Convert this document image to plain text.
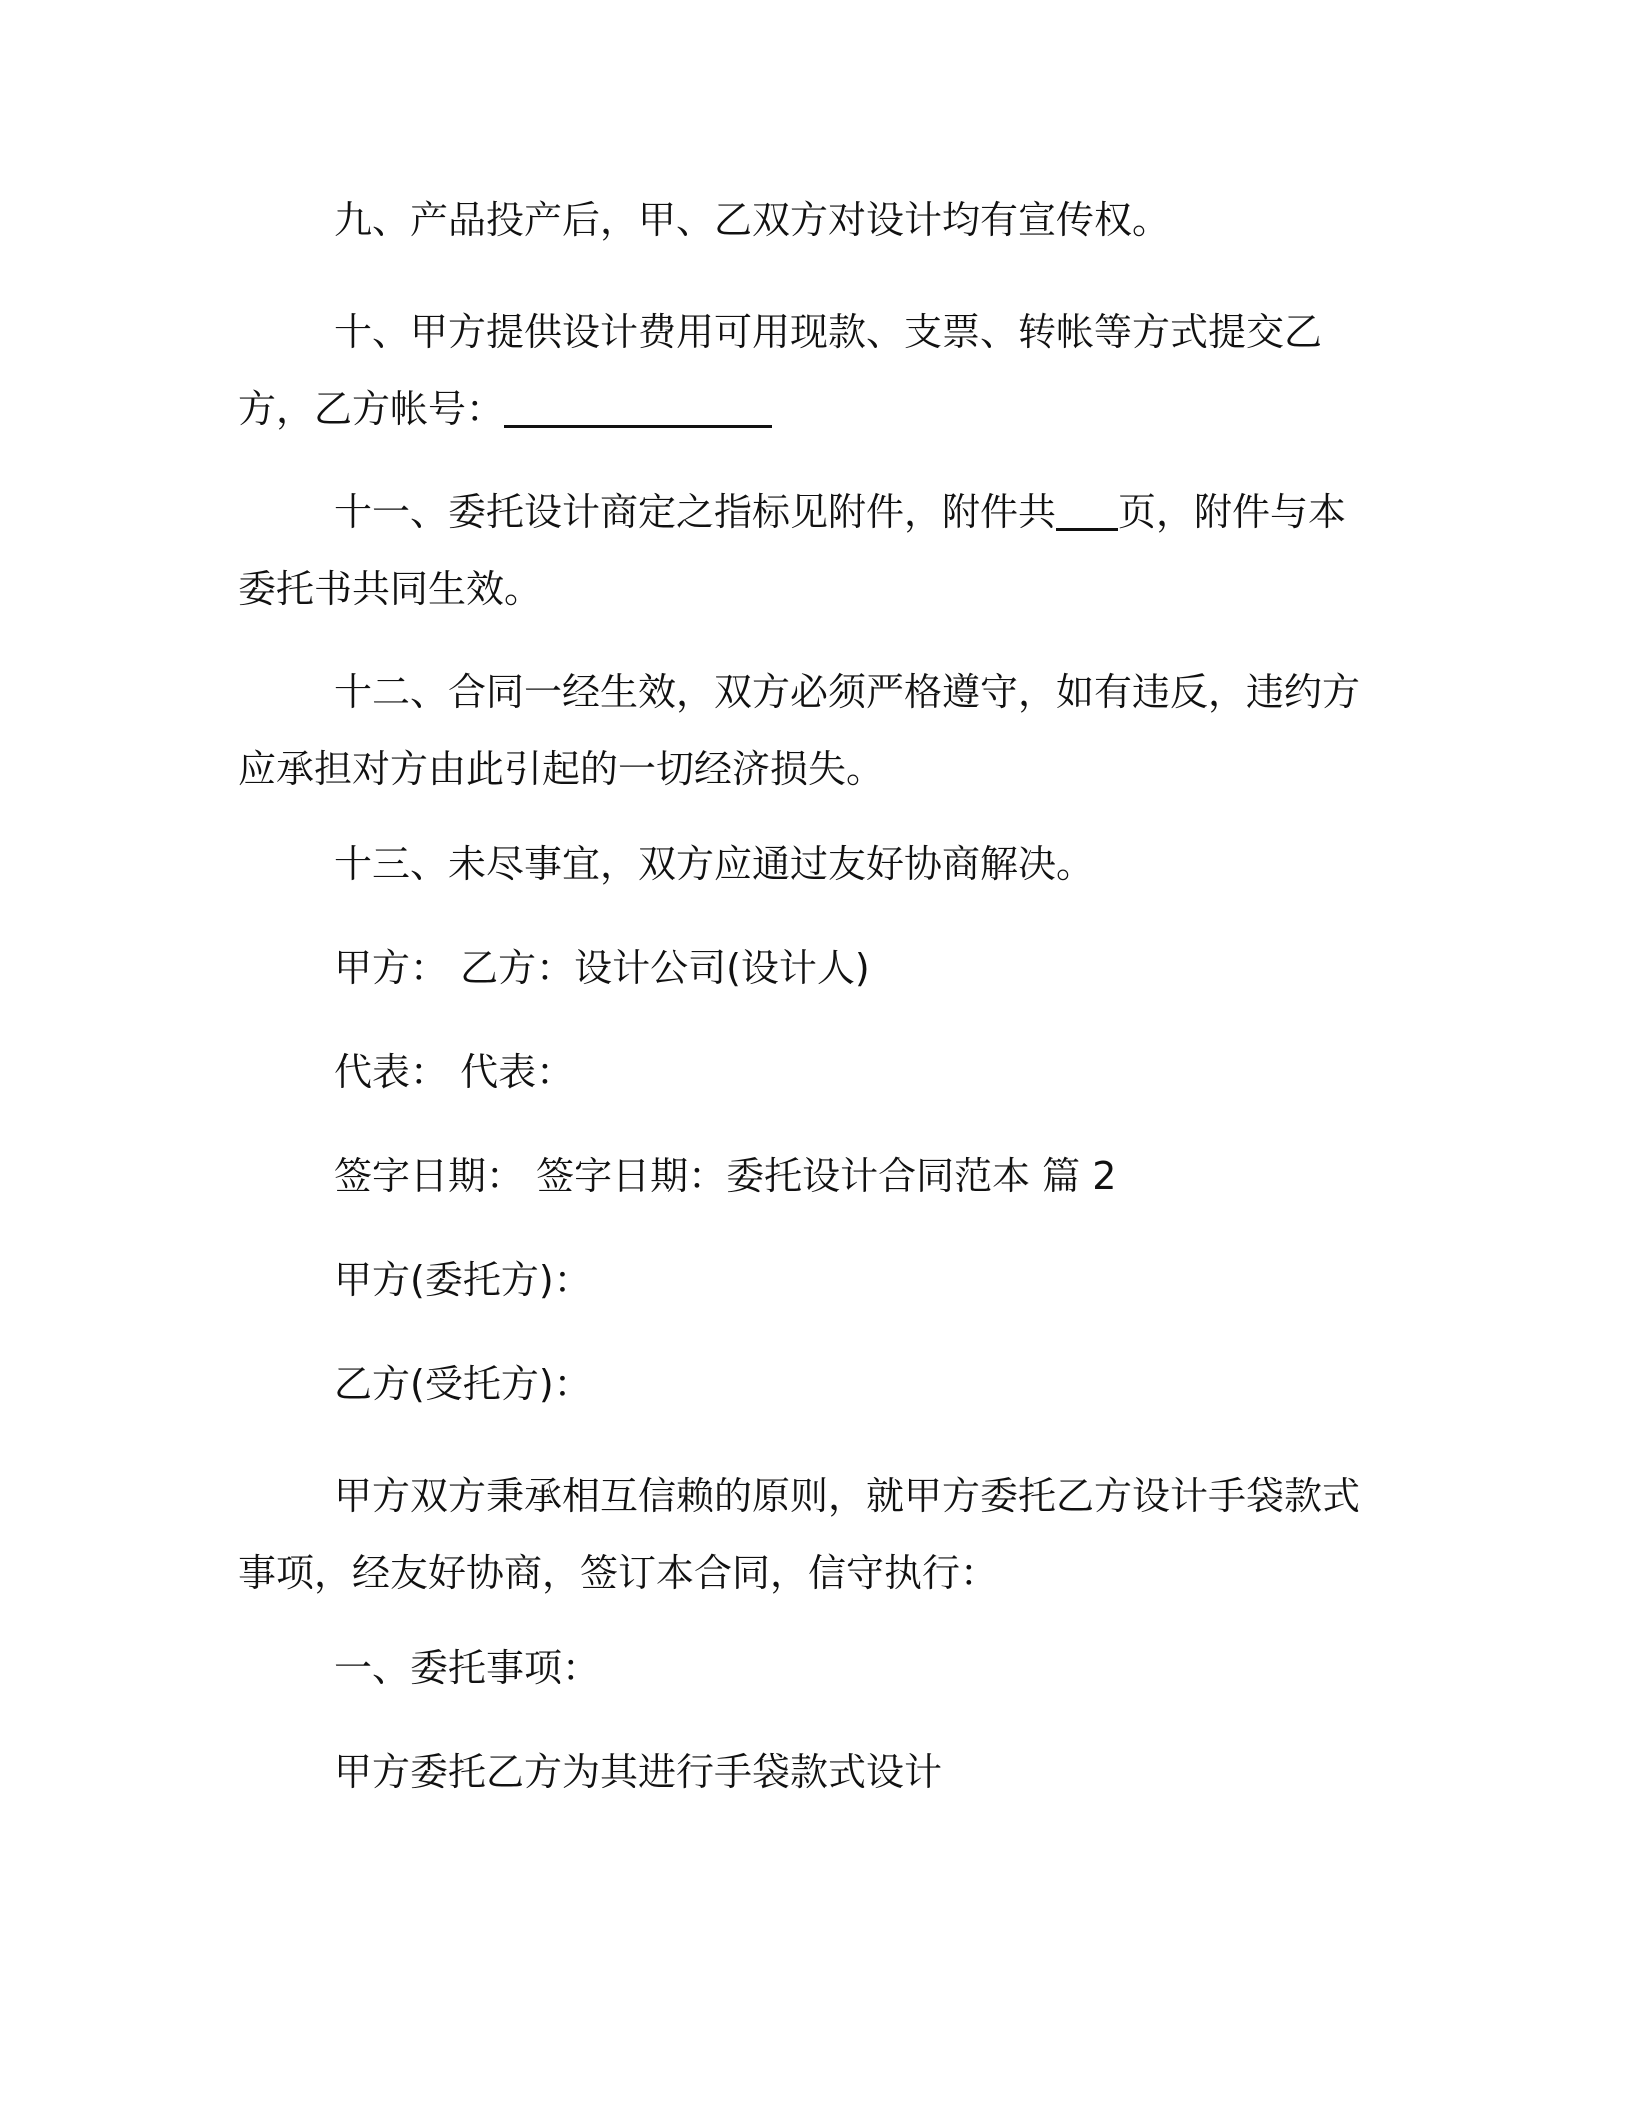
九、产品投产后，甲、乙双方对设计均有宣传权。

十、甲方提供设计费用可用现款、支票、转帐等方式提交乙方，乙方帐号：

十一、委托设计商定之指标见附件，附件共 页，附件与本委托书共同生效。

十二、合同一经生效，双方必须严格遵守，如有违反，违约方应承担对方由此引起的一切经济损失。

十三、未尽事宜，双方应通过友好协商解决。

甲方： 乙方：设计公司(设计人)

代表： 代表：

签字日期： 签字日期：委托设计合同范本 篇 2

甲方(委托方)：

乙方(受托方)：

甲方双方秉承相互信赖的原则，就甲方委托乙方设计手袋款式事项，经友好协商，签订本合同，信守执行：

一、委托事项：

甲方委托乙方为其进行手袋款式设计
